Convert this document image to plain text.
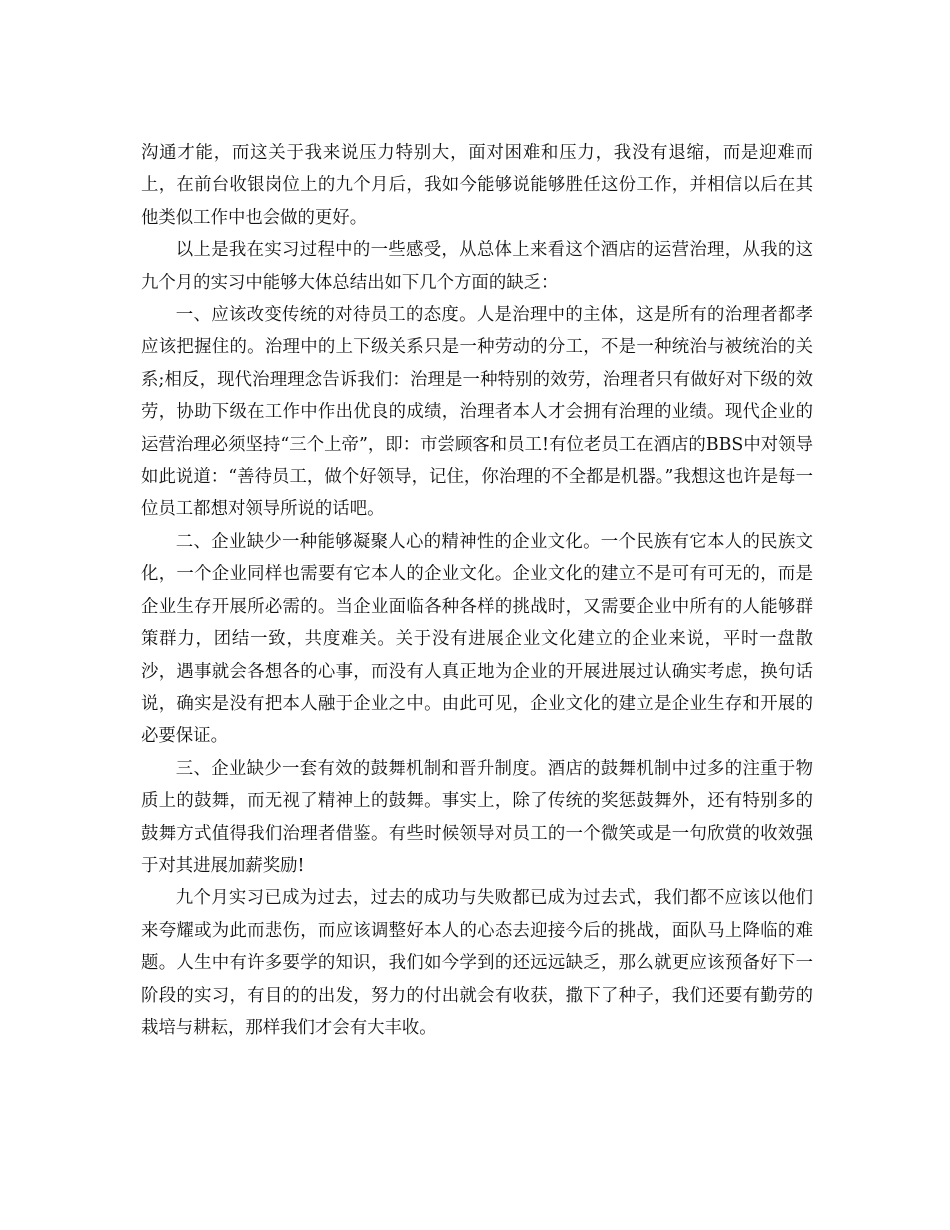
沟通才能，而这关于我来说压力特别大，面对困难和压力，我没有退缩，而是迎难而上，在前台收银岗位上的九个月后，我如今能够说能够胜任这份工作，并相信以后在其他类似工作中也会做的更好。

以上是我在实习过程中的一些感受，从总体上来看这个酒店的运营治理，从我的这九个月的实习中能够大体总结出如下几个方面的缺乏：

一、应该改变传统的对待员工的态度。人是治理中的主体，这是所有的治理者都孝应该把握住的。治理中的上下级关系只是一种劳动的分工，不是一种统治与被统治的关系;相反，现代治理理念告诉我们：治理是一种特别的效劳，治理者只有做好对下级的效劳，协助下级在工作中作出优良的成绩，治理者本人才会拥有治理的业绩。现代企业的运营治理必须坚持“三个上帝”，即：市尝顾客和员工!有位老员工在酒店的BBS中对领导如此说道：“善待员工，做个好领导，记住，你治理的不全都是机器。”我想这也许是每一位员工都想对领导所说的话吧。

二、企业缺少一种能够凝聚人心的精神性的企业文化。一个民族有它本人的民族文化，一个企业同样也需要有它本人的企业文化。企业文化的建立不是可有可无的，而是企业生存开展所必需的。当企业面临各种各样的挑战时，又需要企业中所有的人能够群策群力，团结一致，共度难关。关于没有进展企业文化建立的企业来说，平时一盘散沙，遇事就会各想各的心事，而没有人真正地为企业的开展进展过认确实考虑，换句话说，确实是没有把本人融于企业之中。由此可见，企业文化的建立是企业生存和开展的必要保证。

三、企业缺少一套有效的鼓舞机制和晋升制度。酒店的鼓舞机制中过多的注重于物质上的鼓舞，而无视了精神上的鼓舞。事实上，除了传统的奖惩鼓舞外，还有特别多的鼓舞方式值得我们治理者借鉴。有些时候领导对员工的一个微笑或是一句欣赏的收效强于对其进展加薪奖励!

九个月实习已成为过去，过去的成功与失败都已成为过去式，我们都不应该以他们来夸耀或为此而悲伤，而应该调整好本人的心态去迎接今后的挑战，面队马上降临的难题。人生中有许多要学的知识，我们如今学到的还远远缺乏，那么就更应该预备好下一阶段的实习，有目的的出发，努力的付出就会有收获，撒下了种子，我们还要有勤劳的栽培与耕耘，那样我们才会有大丰收。
